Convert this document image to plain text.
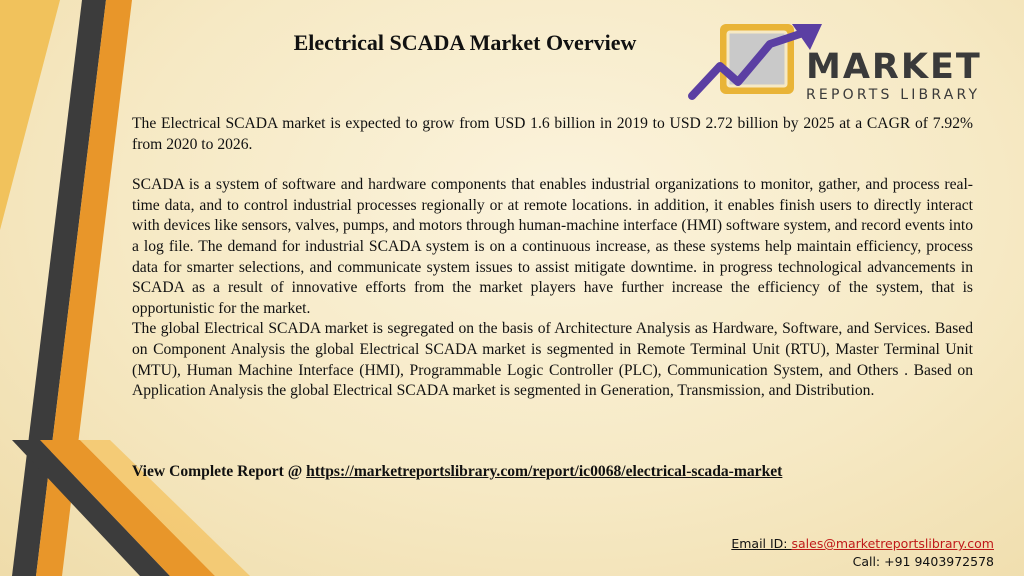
Electrical SCADA Market Overview
MARKET
REPORTS LIBRARY

The Electrical SCADA market is expected to grow from USD 1.6 billion in 2019 to USD 2.72 billion by 2025 at a CAGR of 7.92% from 2020 to 2026.

SCADA is a system of software and hardware components that enables industrial organizations to monitor, gather, and process real-time data, and to control industrial processes regionally or at remote locations. in addition, it enables finish users to directly interact with devices like sensors, valves, pumps, and motors through human-machine interface (HMI) software system, and record events into a log file. The demand for industrial SCADA system is on a continuous increase, as these systems help maintain efficiency, process data for smarter selections, and communicate system issues to assist mitigate downtime. in progress technological advancements in SCADA as a result of innovative efforts from the market players have further increase the efficiency of the system, that is opportunistic for the market.

The global Electrical SCADA market is segregated on the basis of Architecture Analysis as Hardware, Software, and Services. Based on Component Analysis the global Electrical SCADA market is segmented in Remote Terminal Unit (RTU), Master Terminal Unit (MTU), Human Machine Interface (HMI), Programmable Logic Controller (PLC), Communication System, and Others . Based on Application Analysis the global Electrical SCADA market is segmented in Generation, Transmission, and Distribution.

View Complete Report @ https://marketreportslibrary.com/report/ic0068/electrical-scada-market
Email ID: sales@marketreportslibrary.com
Call: +91 9403972578
